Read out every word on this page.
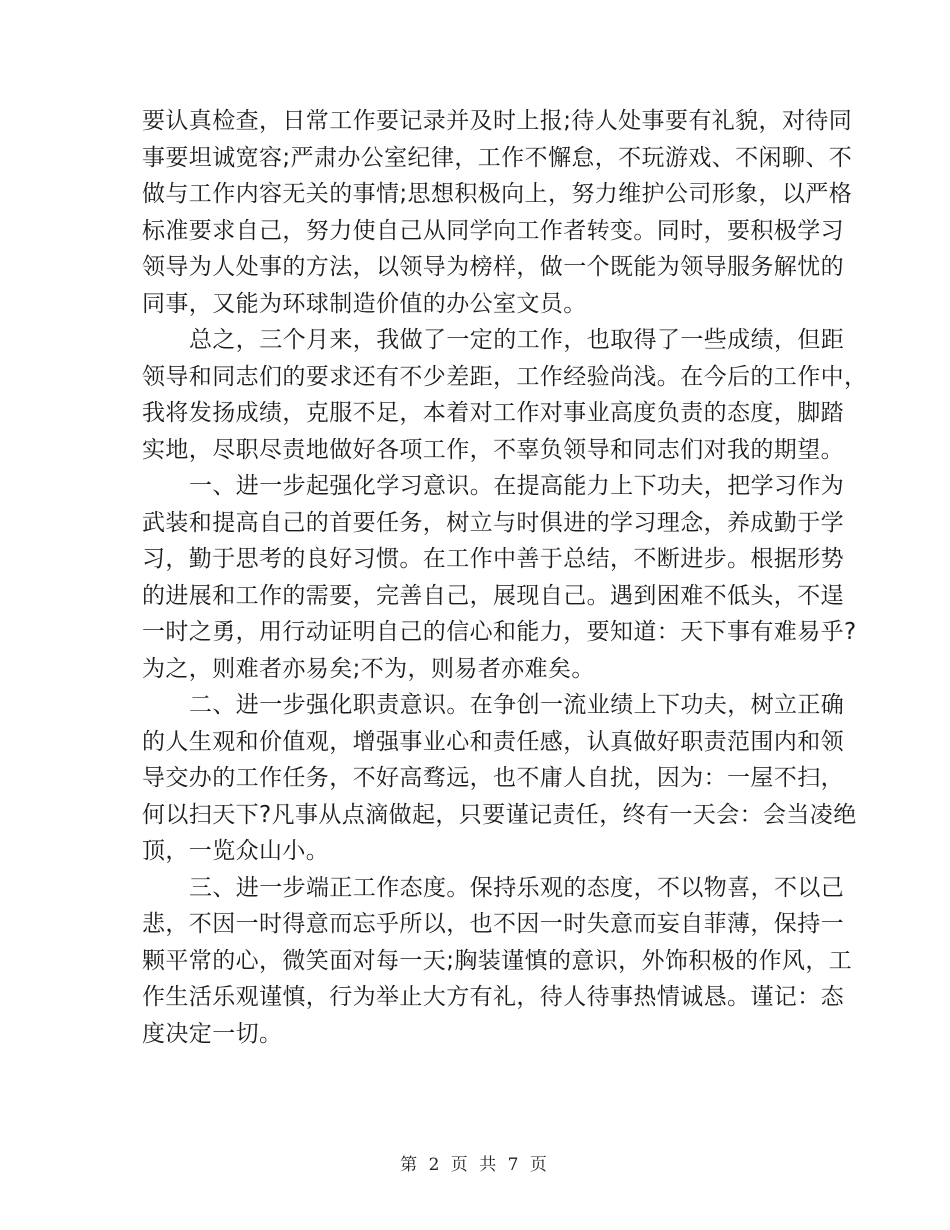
要认真检查，日常工作要记录并及时上报;待人处事要有礼貌，对待同
事要坦诚宽容;严肃办公室纪律，工作不懈怠，不玩游戏、不闲聊、不
做与工作内容无关的事情;思想积极向上，努力维护公司形象，以严格
标准要求自己，努力使自己从同学向工作者转变。同时，要积极学习
领导为人处事的方法，以领导为榜样，做一个既能为领导服务解忧的
同事，又能为环球制造价值的办公室文员。
总之，三个月来，我做了一定的工作，也取得了一些成绩，但距
领导和同志们的要求还有不少差距，工作经验尚浅。在今后的工作中，
我将发扬成绩，克服不足，本着对工作对事业高度负责的态度，脚踏
实地，尽职尽责地做好各项工作，不辜负领导和同志们对我的期望。
一、进一步起强化学习意识。在提高能力上下功夫，把学习作为
武装和提高自己的首要任务，树立与时俱进的学习理念，养成勤于学
习，勤于思考的良好习惯。在工作中善于总结，不断进步。根据形势
的进展和工作的需要，完善自己，展现自己。遇到困难不低头，不逞
一时之勇，用行动证明自己的信心和能力，要知道：天下事有难易乎?
为之，则难者亦易矣;不为，则易者亦难矣。
二、进一步强化职责意识。在争创一流业绩上下功夫，树立正确
的人生观和价值观，增强事业心和责任感，认真做好职责范围内和领
导交办的工作任务，不好高骛远，也不庸人自扰，因为：一屋不扫，
何以扫天下?凡事从点滴做起，只要谨记责任，终有一天会：会当凌绝
顶，一览众山小。
三、进一步端正工作态度。保持乐观的态度，不以物喜，不以己
悲，不因一时得意而忘乎所以，也不因一时失意而妄自菲薄，保持一
颗平常的心，微笑面对每一天;胸装谨慎的意识，外饰积极的作风，工
作生活乐观谨慎，行为举止大方有礼，待人待事热情诚恳。谨记：态
度决定一切。
第 2 页 共 7 页
